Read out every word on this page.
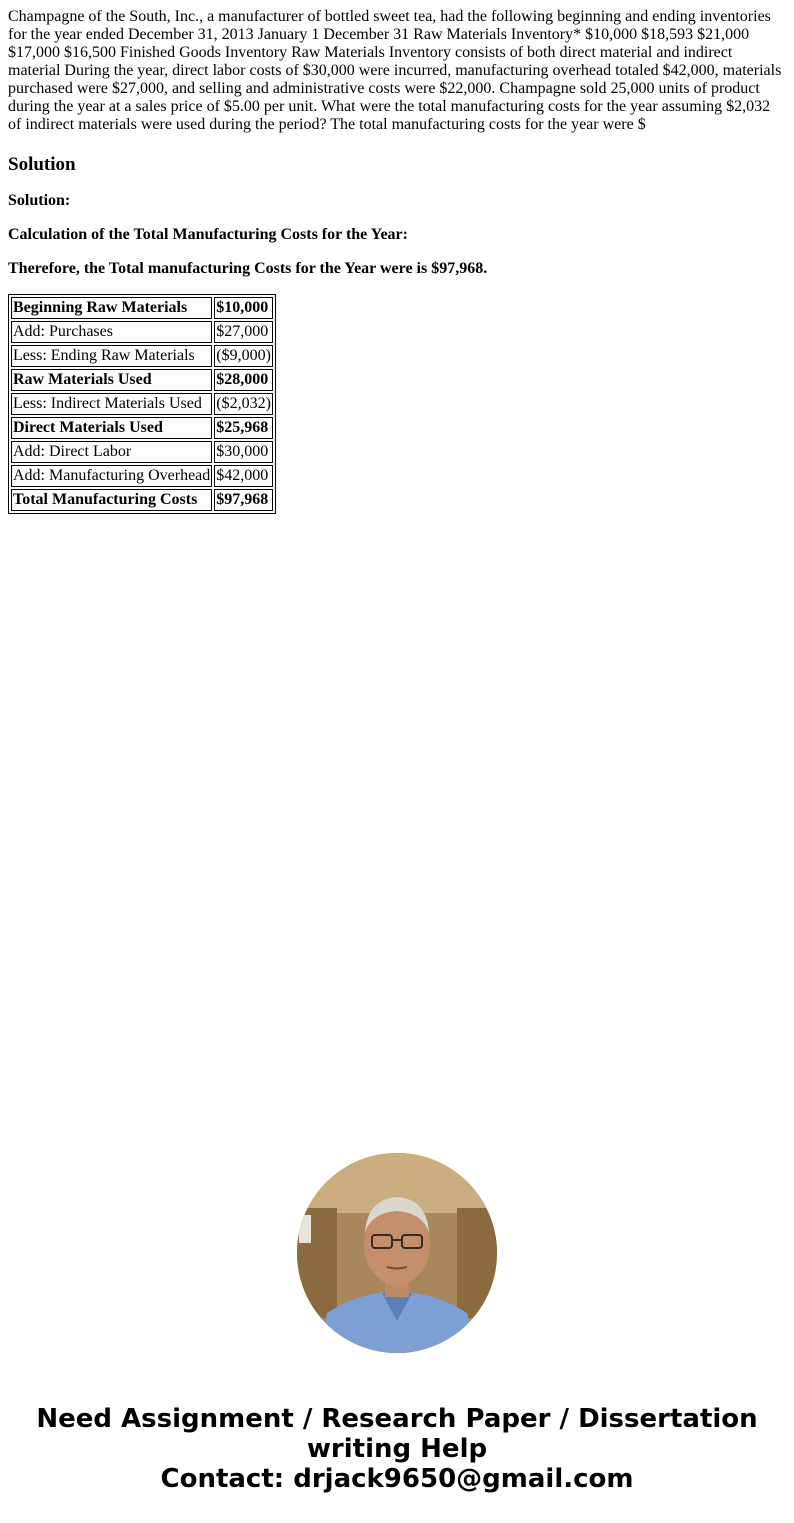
Champagne of the South, Inc., a manufacturer of bottled sweet tea, had the following beginning and ending inventories for the year ended December 31, 2013 January 1 December 31 Raw Materials Inventory* $10,000 $18,593 $21,000 $17,000 $16,500 Finished Goods Inventory Raw Materials Inventory consists of both direct material and indirect material During the year, direct labor costs of $30,000 were incurred, manufacturing overhead totaled $42,000, materials purchased were $27,000, and selling and administrative costs were $22,000. Champagne sold 25,000 units of product during the year at a sales price of $5.00 per unit. What were the total manufacturing costs for the year assuming $2,032 of indirect materials were used during the period? The total manufacturing costs for the year were $

Solution

Solution:

Calculation of the Total Manufacturing Costs for the Year:

Therefore, the Total manufacturing Costs for the Year were is $97,968.

Beginning Raw Materials	$10,000
Add: Purchases	$27,000
Less: Ending Raw Materials	($9,000)
Raw Materials Used	$28,000
Less: Indirect Materials Used	($2,032)
Direct Materials Used	$25,968
Add: Direct Labor	$30,000
Add: Manufacturing Overhead	$42,000
Total Manufacturing Costs	$97,968
Need Assignment / Research Paper / Dissertation
writing Help
Contact: drjack9650@gmail.com
